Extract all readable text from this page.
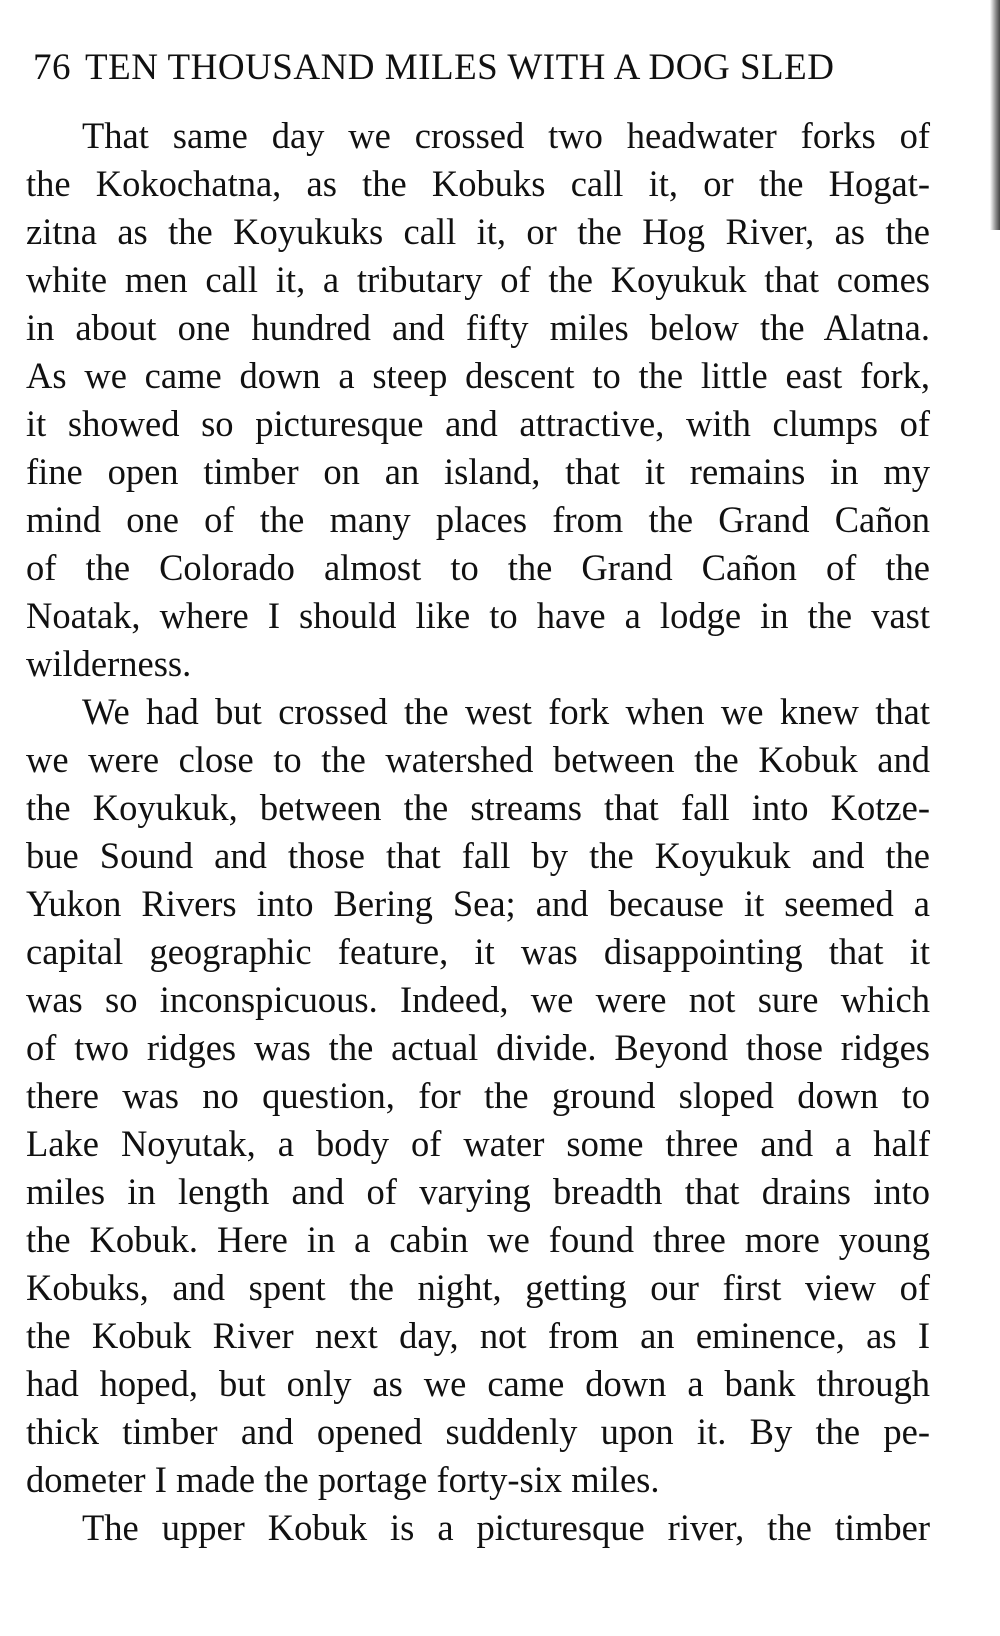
76 TEN THOUSAND MILES WITH A DOG SLED
That same day we crossed two headwater forks of
the Kokochatna, as the Kobuks call it, or the Hogat-
zitna as the Koyukuks call it, or the Hog River, as the
white men call it, a tributary of the Koyukuk that comes
in about one hundred and fifty miles below the Alatna.
As we came down a steep descent to the little east fork,
it showed so picturesque and attractive, with clumps of
fine open timber on an island, that it remains in my
mind one of the many places from the Grand Cañon
of the Colorado almost to the Grand Cañon of the
Noatak, where I should like to have a lodge in the vast
wilderness.
We had but crossed the west fork when we knew that
we were close to the watershed between the Kobuk and
the Koyukuk, between the streams that fall into Kotze-
bue Sound and those that fall by the Koyukuk and the
Yukon Rivers into Bering Sea; and because it seemed a
capital geographic feature, it was disappointing that it
was so inconspicuous. Indeed, we were not sure which
of two ridges was the actual divide. Beyond those ridges
there was no question, for the ground sloped down to
Lake Noyutak, a body of water some three and a half
miles in length and of varying breadth that drains into
the Kobuk. Here in a cabin we found three more young
Kobuks, and spent the night, getting our first view of
the Kobuk River next day, not from an eminence, as I
had hoped, but only as we came down a bank through
thick timber and opened suddenly upon it. By the pe-
dometer I made the portage forty-six miles.
The upper Kobuk is a picturesque river, the timber
